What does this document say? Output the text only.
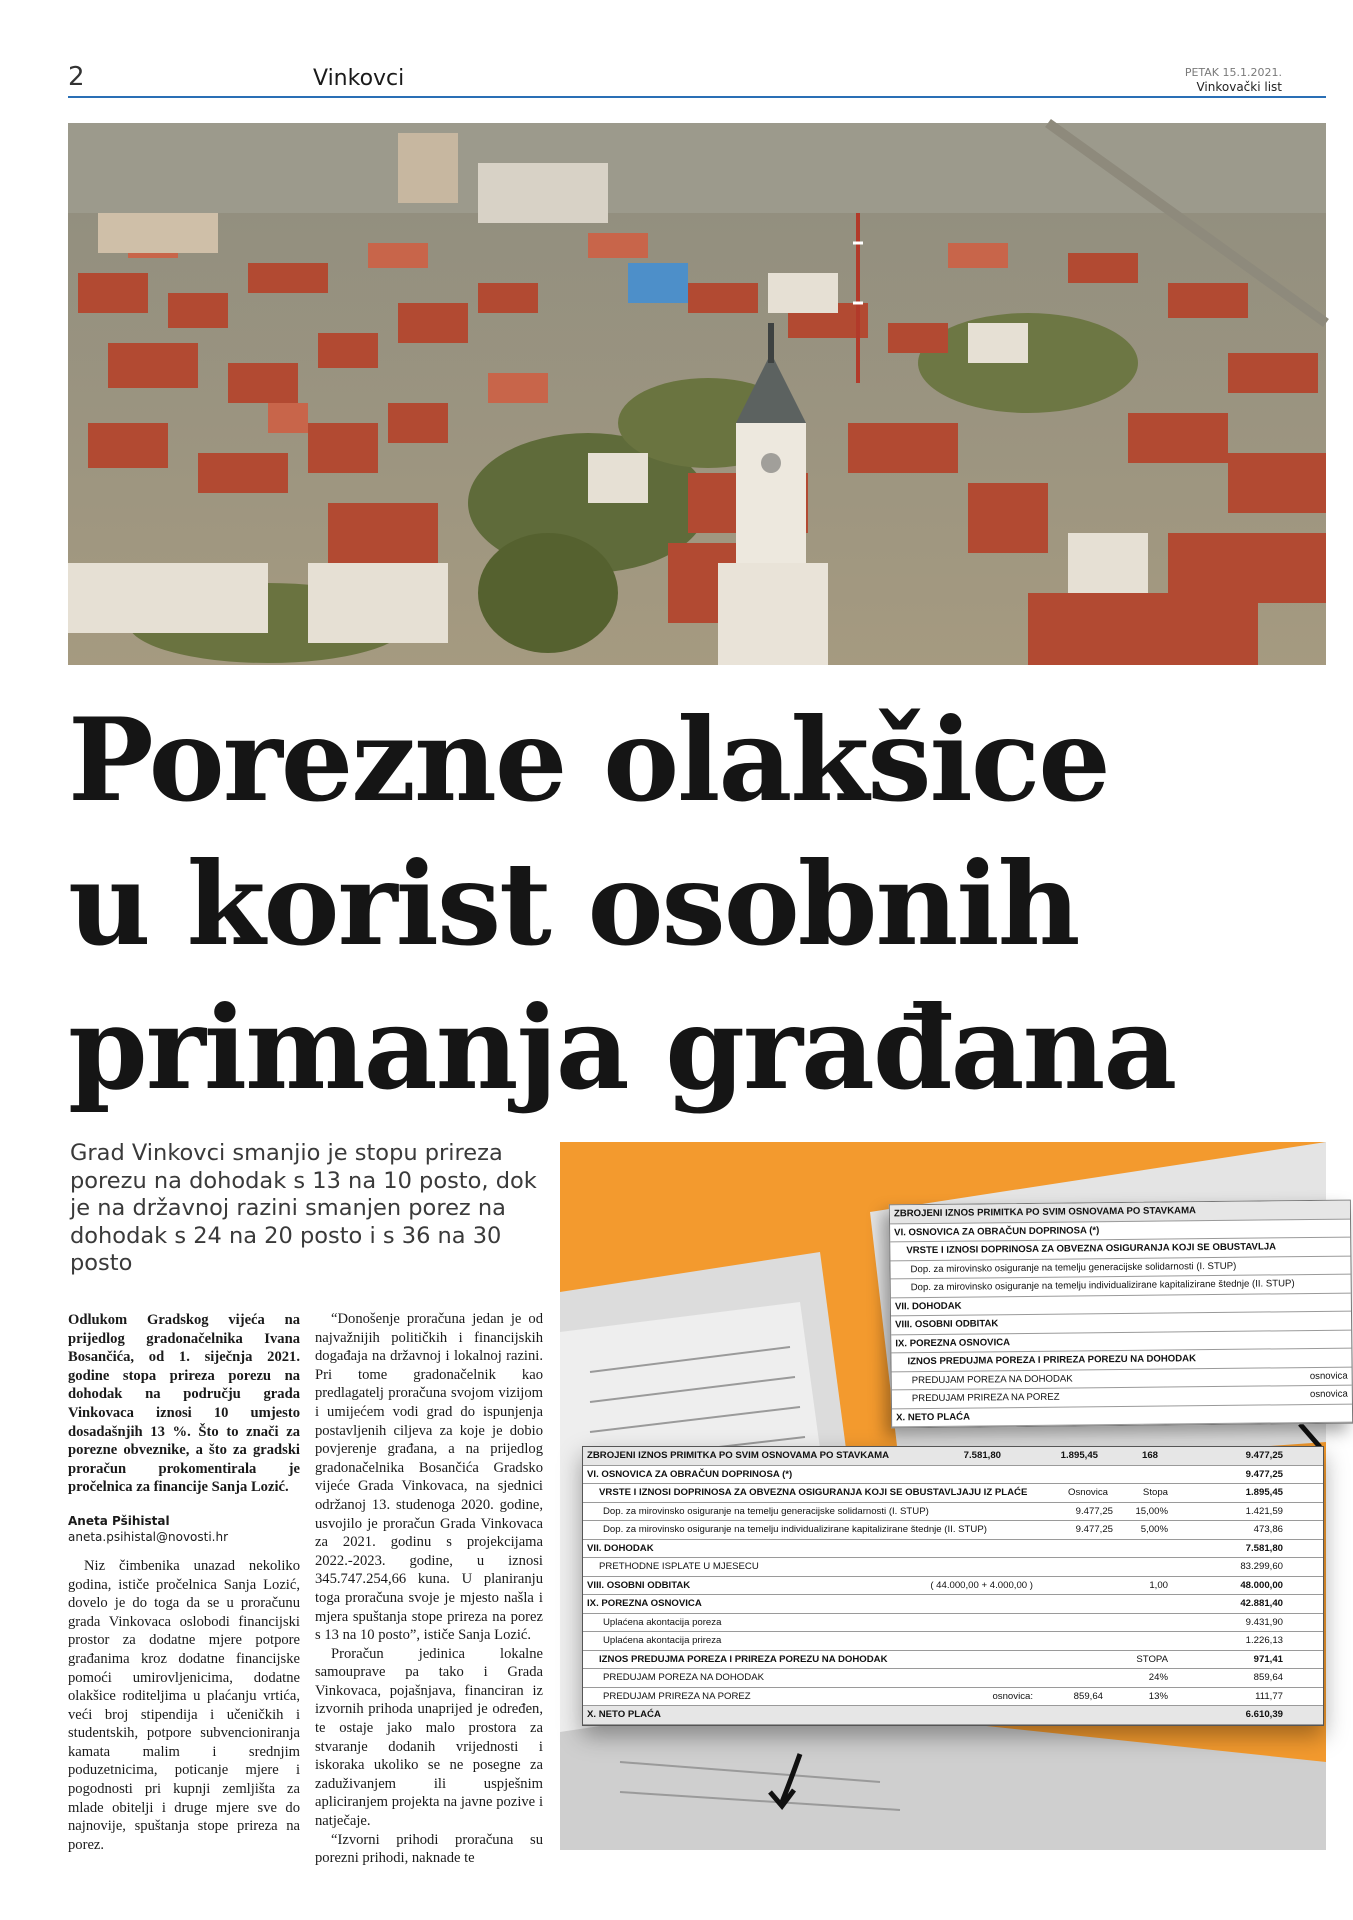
2	Vinkovci	PETAK 15.1.2021.
Vinkovački list
Porezne olakšice
u korist osobnih
primanja građana
Grad Vinkovci smanjio je stopu prireza porezu na dohodak s 13 na 10 posto, dok je na državnoj razini smanjen porez na dohodak s 24 na 20 posto i s 36 na 30 posto
Odlukom Gradskog vijeća na prijedlog gradonačelnika Ivana Bosančića, od 1. siječnja 2021. godine stopa prireza porezu na dohodak na području grada Vinkovaca iznosi 10 umjesto dosadašnjih 13 %. Što to znači za porezne obveznike, a što za gradski proračun prokomentirala je pročelnica za financije Sanja Lozić.
Aneta Pšihistal
aneta.psihistal@novosti.hr

Niz čimbenika unazad nekoliko godina, ističe pročelnica Sanja Lozić, dovelo je do toga da se u proračunu grada Vinkovaca oslobodi financijski prostor za dodatne mjere potpore građanima kroz dodatne financijske pomoći umirovljenicima, dodatne olakšice roditeljima u plaćanju vrtića, veći broj stipendija i učeničkih i studentskih, potpore subvencioniranja kamata malim i srednjim poduzetnicima, poticanje mjere i pogodnosti pri kupnji zemljišta za mlade obitelji i druge mjere sve do najnovije, spuštanja stope prireza na porez.

“Donošenje proračuna jedan je od najvažnijih političkih i financijskih događaja na državnoj i lokalnoj razini. Pri tome gradonačelnik kao predlagatelj proračuna svojom vizijom i umijećem vodi grad do ispunjenja postavljenih ciljeva za koje je dobio povjerenje građana, a na prijedlog gradonačelnika Bosančića Gradsko vijeće Grada Vinkovaca, na sjednici održanoj 13. studenoga 2020. godine, usvojilo je proračun Grada Vinkovaca za 2021. godinu s projekcijama 2022.-2023. godine, u iznosi 345.747.254,66 kuna. U planiranju toga proračuna svoje je mjesto našla i mjera spuštanja stope prireza na porez s 13 na 10 posto”, ističe Sanja Lozić.

Proračun jedinica lokalne samouprave pa tako i Grada Vinkovaca, pojašnjava, financiran iz izvornih prihoda unaprijed je određen, te ostaje jako malo prostora za stvaranje dodanih vrijednosti i iskoraka ukoliko se ne posegne za zaduživanjem ili uspješnim apliciranjem projekta na javne pozive i natječaje.

“Izvorni prihodi proračuna su porezni prihodi, naknade te

ZBROJENI IZNOS PRIMITKA PO SVIM OSNOVAMA PO STAVKAMA
VI. OSNOVICA ZA OBRAČUN DOPRINOSA (*)
VRSTE I IZNOSI DOPRINOSA ZA OBVEZNA OSIGURANJA KOJI SE OBUSTAVLJA
Dop. za mirovinsko osiguranje na temelju generacijske solidarnosti (I. STUP)
Dop. za mirovinsko osiguranje na temelju individualizirane kapitalizirane štednje (II. STUP)
VII. DOHODAK
VIII. OSOBNI ODBITAK
IX. POREZNA OSNOVICA
IZNOS PREDUJMA POREZA I PRIREZA POREZU NA DOHODAK
PREDUJAM POREZA NA DOHODAK	osnovica
PREDUJAM PRIREZA NA POREZ	osnovica
X. NETO PLAĆA
ZBROJENI IZNOS PRIMITKA PO SVIM OSNOVAMA PO STAVKAMA	7.581,80	1.895,45	168	9.477,25
VI. OSNOVICA ZA OBRAČUN DOPRINOSA (*)	9.477,25
VRSTE I IZNOSI DOPRINOSA ZA OBVEZNA OSIGURANJA KOJI SE OBUSTAVLJAJU IZ PLAĆE	Osnovica	Stopa	1.895,45
Dop. za mirovinsko osiguranje na temelju generacijske solidarnosti (I. STUP)	9.477,25 15,00%	1.421,59
Dop. za mirovinsko osiguranje na temelju individualizirane kapitalizirane štednje (II. STUP)	9.477,25	5,00%	473,86
VII. DOHODAK	7.581,80
PRETHODNE ISPLATE U MJESECU	83.299,60
VIII. OSOBNI ODBITAK	( 44.000,00 + 4.000,00 )	1,00	48.000,00
IX. POREZNA OSNOVICA	42.881,40
Uplaćena akontacija poreza	9.431,90
Uplaćena akontacija prireza	1.226,13
IZNOS PREDUJMA POREZA I PRIREZA POREZU NA DOHODAK	STOPA	971,41
PREDUJAM POREZA NA DOHODAK	24%	859,64
PREDUJAM PRIREZA NA POREZ	osnovica:	859,64	13%	111,77
X. NETO PLAĆA	6.610,39
